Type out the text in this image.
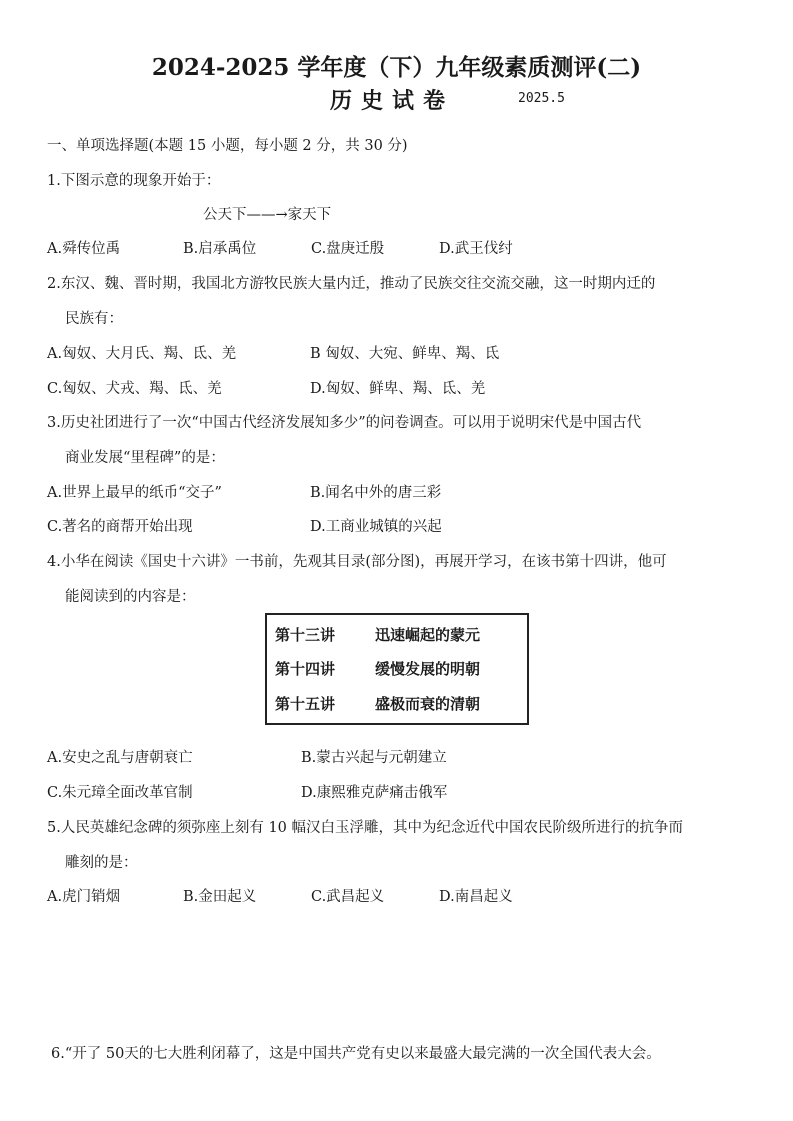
2024-2025 学年度（下）九年级素质测评(二)
历史试卷	2025.5
一、单项选择题(本题 15 小题，每小题 2 分，共 30 分)
1.下图示意的现象开始于：
公天下——→家天下
A.舜传位禹	B.启承禹位	C.盘庚迁殷	D.武王伐纣
2.东汉、魏、晋时期，我国北方游牧民族大量内迁，推动了民族交往交流交融，这一时期内迁的
民族有：
A.匈奴、大月氏、羯、氐、羌	B 匈奴、大宛、鲜卑、羯、氐
C.匈奴、犬戎、羯、氐、羌	D.匈奴、鲜卑、羯、氐、羌
3.历史社团进行了一次“中国古代经济发展知多少”的问卷调查。可以用于说明宋代是中国古代
商业发展“里程碑”的是：
A.世界上最早的纸币“交子”	B.闻名中外的唐三彩
C.著名的商帮开始出现	D.工商业城镇的兴起
4.小华在阅读《国史十六讲》一书前，先观其目录(部分图)，再展开学习，在该书第十四讲，他可
能阅读到的内容是：
第十三讲	迅速崛起的蒙元
第十四讲	缓慢发展的明朝
第十五讲	盛极而衰的清朝
A.安史之乱与唐朝衰亡	B.蒙古兴起与元朝建立
C.朱元璋全面改革官制	D.康熙雅克萨痛击俄军
5.人民英雄纪念碑的须弥座上刻有 10 幅汉白玉浮雕，其中为纪念近代中国农民阶级所进行的抗争而
雕刻的是：
A.虎门销烟	B.金田起义	C.武昌起义	D.南昌起义
6.“开了 50天的七大胜利闭幕了，这是中国共产党有史以来最盛大最完满的一次全国代表大会。
